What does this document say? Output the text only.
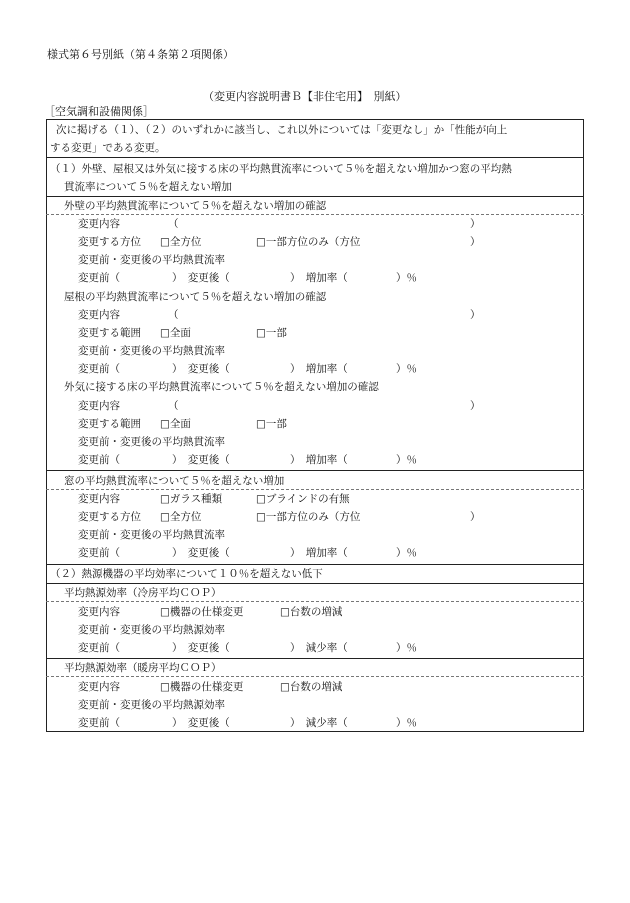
様式第６号別紙（第４条第２項関係）
（変更内容説明書Ｂ【非住宅用】　別紙）
［空気調和設備関係］
次に掲げる（１）、（２）のいずれかに該当し、これ以外については「変更なし」か「性能が向上
する変更」である変更。
（１）外壁、屋根又は外気に接する床の平均熱貫流率について５％を超えない増加かつ窓の平均熱
貫流率について５％を超えない増加
外壁の平均熱貫流率について５％を超えない増加の確認
変更内容	（	）
変更する方位 □全方位	□一部方位のみ（方位	）
変更前・変更後の平均熱貫流率
変更前（	）　変更後（	）　増加率（	）％
屋根の平均熱貫流率について５％を超えない増加の確認
変更内容	（	）
変更する範囲 □全面	□一部
変更前・変更後の平均熱貫流率
変更前（	）　変更後（	）　増加率（	）％
外気に接する床の平均熱貫流率について５％を超えない増加の確認
変更内容	（	）
変更する範囲 □全面	□一部
変更前・変更後の平均熱貫流率
変更前（	）　変更後（	）　増加率（	）％
窓の平均熱貫流率について５％を超えない増加
変更内容	□ガラス種類	□ブラインドの有無
変更する方位 □全方位	□一部方位のみ（方位	）
変更前・変更後の平均熱貫流率
変更前（	）　変更後（	）　増加率（	）％
（２）熱源機器の平均効率について１０％を超えない低下
平均熱源効率（冷房平均ＣＯＰ）
変更内容	□機器の仕様変更	□台数の増減
変更前・変更後の平均熱源効率
変更前（	）　変更後（	）　減少率（	）％
平均熱源効率（暖房平均ＣＯＰ）
変更内容	□機器の仕様変更	□台数の増減
変更前・変更後の平均熱源効率
変更前（	）　変更後（	）　減少率（	）％
